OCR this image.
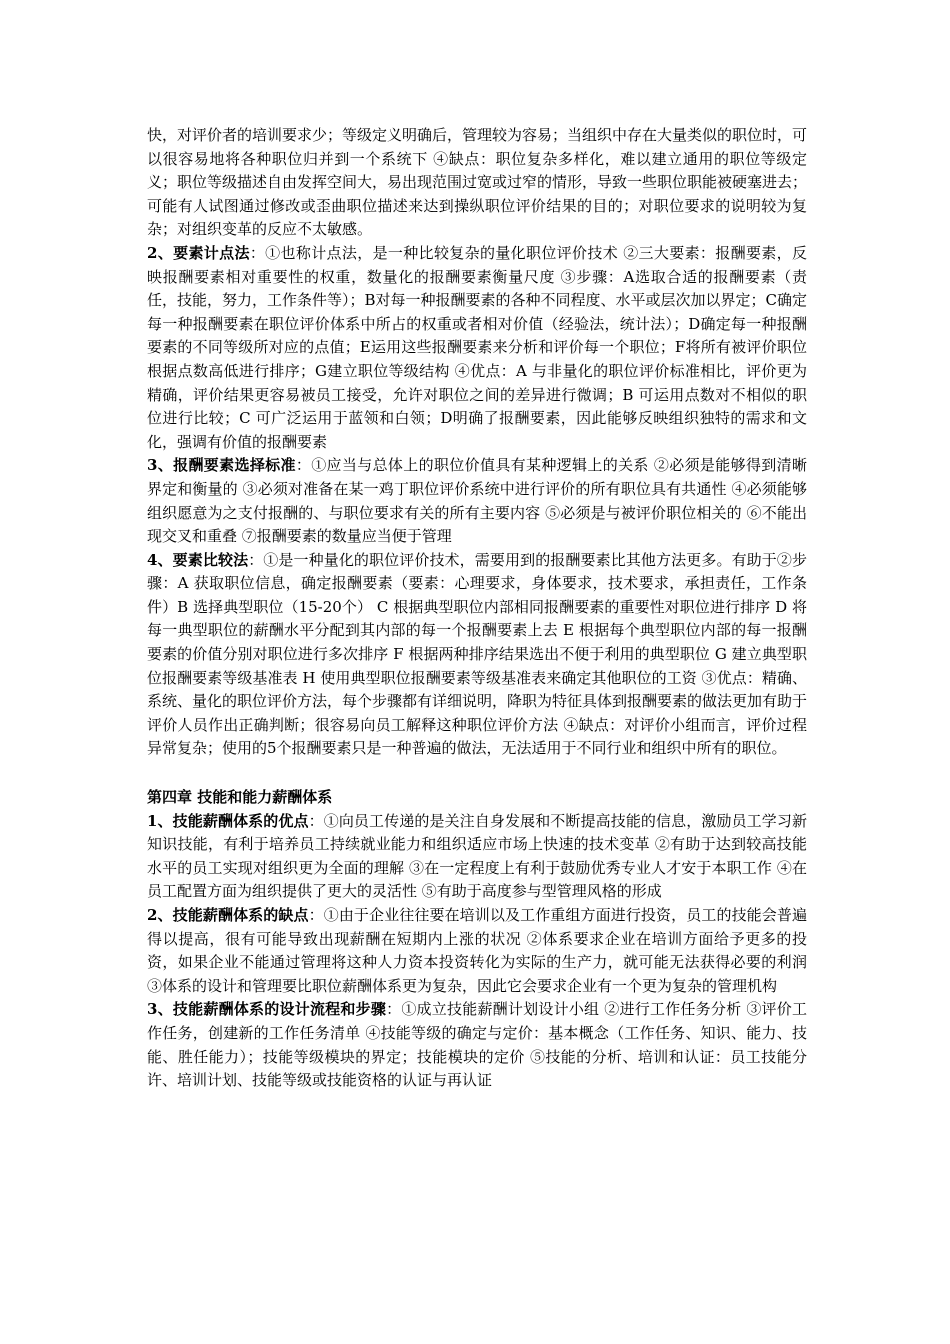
快，对评价者的培训要求少；等级定义明确后，管理较为容易；当组织中存在大量类似的职位时，可以很容易地将各种职位归并到一个系统下 ④缺点：职位复杂多样化，难以建立通用的职位等级定义；职位等级描述自由发挥空间大，易出现范围过宽或过窄的情形，导致一些职位职能被硬塞进去；可能有人试图通过修改或歪曲职位描述来达到操纵职位评价结果的目的；对职位要求的说明较为复杂；对组织变革的反应不太敏感。

2、要素计点法：①也称计点法，是一种比较复杂的量化职位评价技术 ②三大要素：报酬要素，反映报酬要素相对重要性的权重，数量化的报酬要素衡量尺度 ③步骤：A选取合适的报酬要素（责任，技能，努力，工作条件等）；B对每一种报酬要素的各种不同程度、水平或层次加以界定；C确定每一种报酬要素在职位评价体系中所占的权重或者相对价值（经验法，统计法）；D确定每一种报酬要素的不同等级所对应的点值；E运用这些报酬要素来分析和评价每一个职位；F将所有被评价职位根据点数高低进行排序；G建立职位等级结构 ④优点：A 与非量化的职位评价标准相比，评价更为精确，评价结果更容易被员工接受，允许对职位之间的差异进行微调；B 可运用点数对不相似的职位进行比较；C 可广泛运用于蓝领和白领；D明确了报酬要素，因此能够反映组织独特的需求和文化，强调有价值的报酬要素

3、报酬要素选择标准：①应当与总体上的职位价值具有某种逻辑上的关系 ②必须是能够得到清晰界定和衡量的 ③必须对准备在某一鸡丁职位评价系统中进行评价的所有职位具有共通性 ④必须能够组织愿意为之支付报酬的、与职位要求有关的所有主要内容 ⑤必须是与被评价职位相关的 ⑥不能出现交叉和重叠 ⑦报酬要素的数量应当便于管理

4、要素比较法：①是一种量化的职位评价技术，需要用到的报酬要素比其他方法更多。有助于②步骤：A 获取职位信息，确定报酬要素（要素：心理要求，身体要求，技术要求，承担责任，工作条件）B 选择典型职位（15-20个） C 根据典型职位内部相同报酬要素的重要性对职位进行排序 D 将每一典型职位的薪酬水平分配到其内部的每一个报酬要素上去 E 根据每个典型职位内部的每一报酬要素的价值分别对职位进行多次排序 F 根据两种排序结果选出不便于利用的典型职位 G 建立典型职位报酬要素等级基准表 H 使用典型职位报酬要素等级基准表来确定其他职位的工资 ③优点：精确、系统、量化的职位评价方法，每个步骤都有详细说明，降职为特征具体到报酬要素的做法更加有助于评价人员作出正确判断；很容易向员工解释这种职位评价方法 ④缺点：对评价小组而言，评价过程异常复杂；使用的5个报酬要素只是一种普遍的做法，无法适用于不同行业和组织中所有的职位。

第四章 技能和能力薪酬体系

1、技能薪酬体系的优点：①向员工传递的是关注自身发展和不断提高技能的信息，激励员工学习新知识技能，有利于培养员工持续就业能力和组织适应市场上快速的技术变革 ②有助于达到较高技能水平的员工实现对组织更为全面的理解 ③在一定程度上有利于鼓励优秀专业人才安于本职工作 ④在员工配置方面为组织提供了更大的灵活性 ⑤有助于高度参与型管理风格的形成

2、技能薪酬体系的缺点：①由于企业往往要在培训以及工作重组方面进行投资，员工的技能会普遍得以提高，很有可能导致出现薪酬在短期内上涨的状况 ②体系要求企业在培训方面给予更多的投资，如果企业不能通过管理将这种人力资本投资转化为实际的生产力，就可能无法获得必要的利润 ③体系的设计和管理要比职位薪酬体系更为复杂，因此它会要求企业有一个更为复杂的管理机构

3、技能薪酬体系的设计流程和步骤：①成立技能薪酬计划设计小组 ②进行工作任务分析 ③评价工作任务，创建新的工作任务清单 ④技能等级的确定与定价：基本概念（工作任务、知识、能力、技能、胜任能力）；技能等级模块的界定；技能模块的定价 ⑤技能的分析、培训和认证：员工技能分许、培训计划、技能等级或技能资格的认证与再认证
